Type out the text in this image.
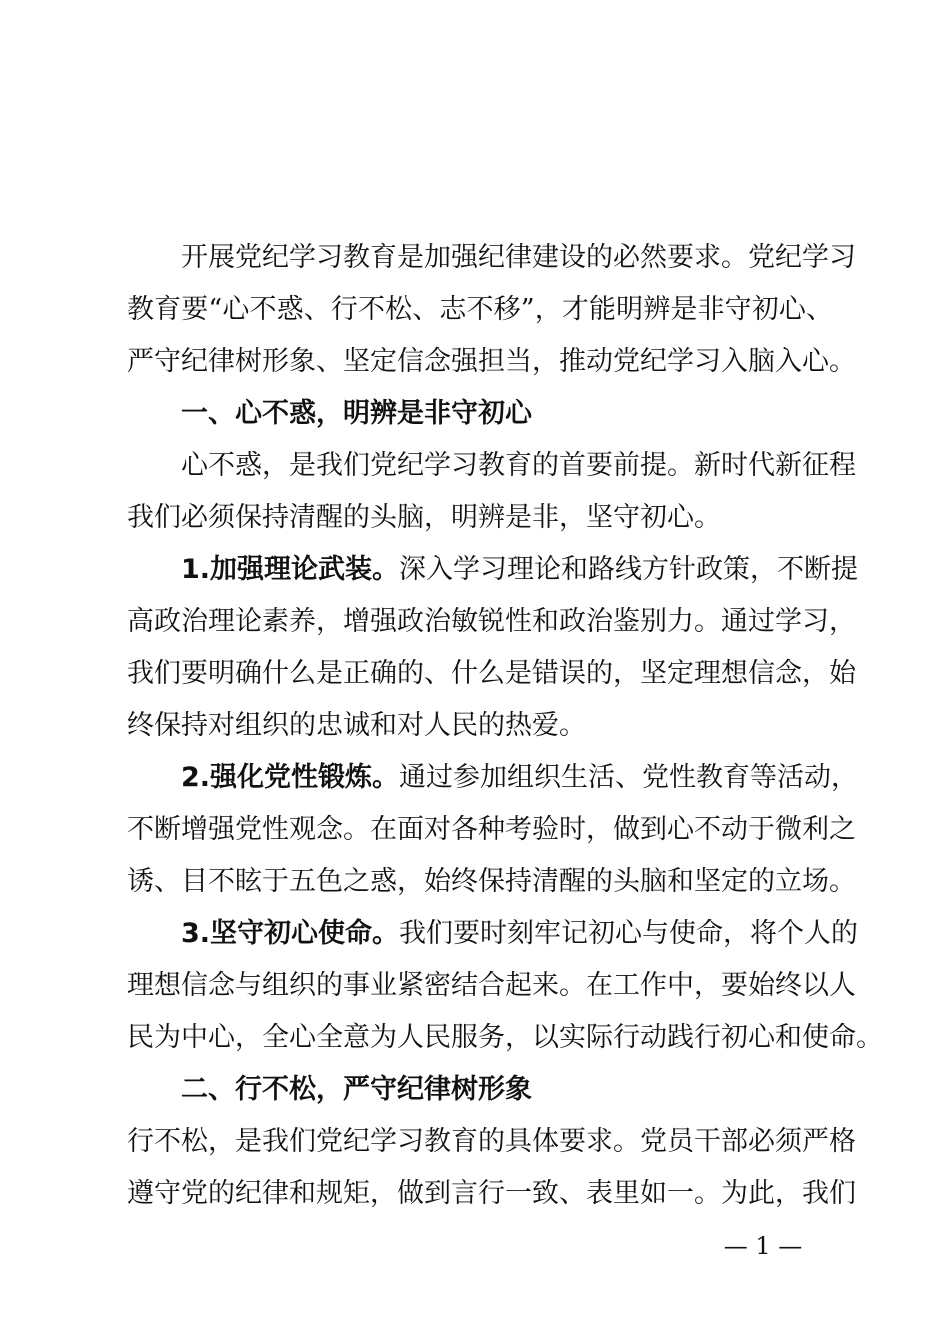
开展党纪学习教育是加强纪律建设的必然要求。党纪学习
教育要“心不惑、行不松、志不移”，才能明辨是非守初心、
严守纪律树形象、坚定信念强担当，推动党纪学习入脑入心。
一、心不惑，明辨是非守初心
心不惑，是我们党纪学习教育的首要前提。新时代新征程
我们必须保持清醒的头脑，明辨是非，坚守初心。
1.加强理论武装。深入学习理论和路线方针政策，不断提
高政治理论素养，增强政治敏锐性和政治鉴别力。通过学习，
我们要明确什么是正确的、什么是错误的，坚定理想信念，始
终保持对组织的忠诚和对人民的热爱。
2.强化党性锻炼。通过参加组织生活、党性教育等活动，
不断增强党性观念。在面对各种考验时，做到心不动于微利之
诱、目不眩于五色之惑，始终保持清醒的头脑和坚定的立场。
3.坚守初心使命。我们要时刻牢记初心与使命，将个人的
理想信念与组织的事业紧密结合起来。在工作中，要始终以人
民为中心，全心全意为人民服务，以实际行动践行初心和使命。
二、行不松，严守纪律树形象
行不松，是我们党纪学习教育的具体要求。党员干部必须严格
遵守党的纪律和规矩，做到言行一致、表里如一。为此，我们
— 1 —
